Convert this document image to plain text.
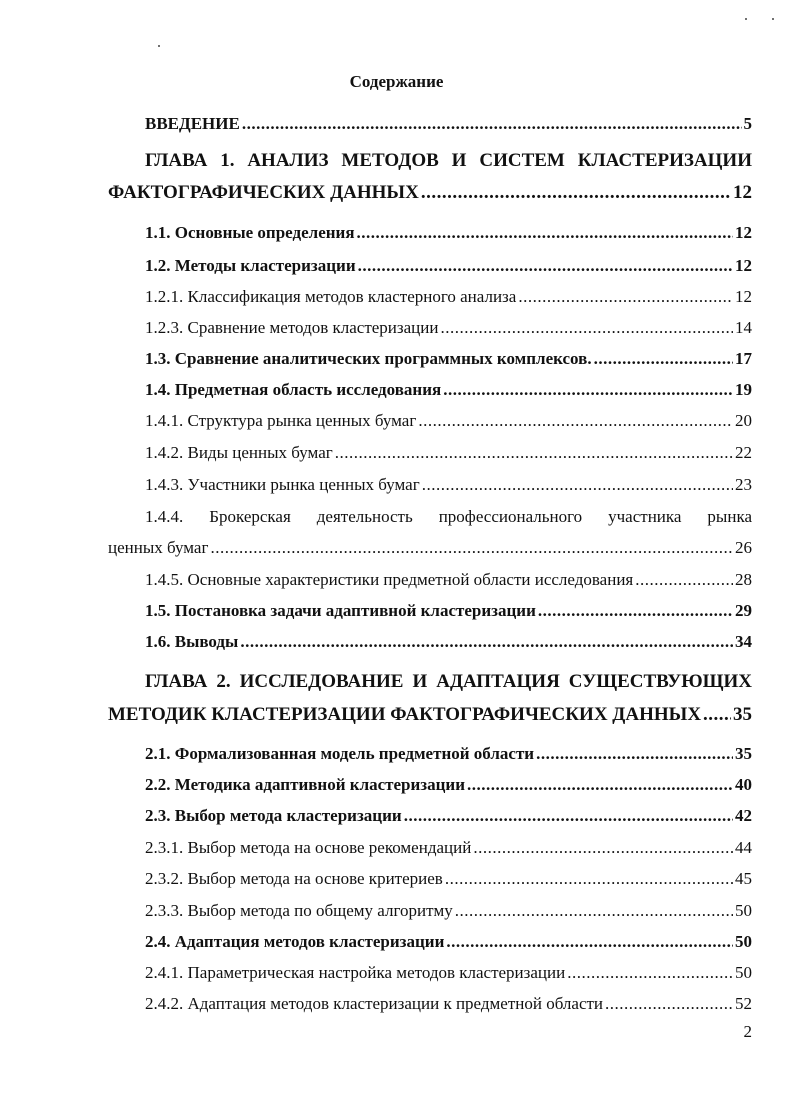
Содержание
ВВЕДЕНИЕ .....	5
ГЛАВА 1. АНАЛИЗ МЕТОДОВ И СИСТЕМ КЛАСТЕРИЗАЦИИ
ФАКТОГРАФИЧЕСКИХ ДАННЫХ .....	12
1.1. Основные определения .....	12
1.2. Методы кластеризации .....	12
1.2.1. Классификация методов кластерного анализа .....	12
1.2.3. Сравнение методов кластеризации .....	14
1.3. Сравнение аналитических программных комплексов. .....	17
1.4. Предметная область исследования .....	19
1.4.1. Структура рынка ценных бумаг .....	20
1.4.2. Виды ценных бумаг .....	22
1.4.3. Участники рынка ценных бумаг .....	23
1.4.4. Брокерская деятельность профессионального участника рынка
ценных бумаг .....	26
1.4.5. Основные характеристики предметной области исследования .....	28
1.5. Постановка задачи адаптивной кластеризации .....	29
1.6. Выводы .....	34
ГЛАВА 2. ИССЛЕДОВАНИЕ И АДАПТАЦИЯ СУЩЕСТВУЮЩИХ
МЕТОДИК КЛАСТЕРИЗАЦИИ ФАКТОГРАФИЧЕСКИХ ДАННЫХ ..... 35
2.1. Формализованная модель предметной области .....	35
2.2. Методика адаптивной кластеризации .....	40
2.3. Выбор метода кластеризации .....	42
2.3.1. Выбор метода на основе рекомендаций .....	44
2.3.2. Выбор метода на основе критериев .....	45
2.3.3. Выбор метода по общему алгоритму .....	50
2.4. Адаптация методов кластеризации .....	50
2.4.1. Параметрическая настройка методов кластеризации .....	50
2.4.2. Адаптация методов кластеризации к предметной области .....	52
2
